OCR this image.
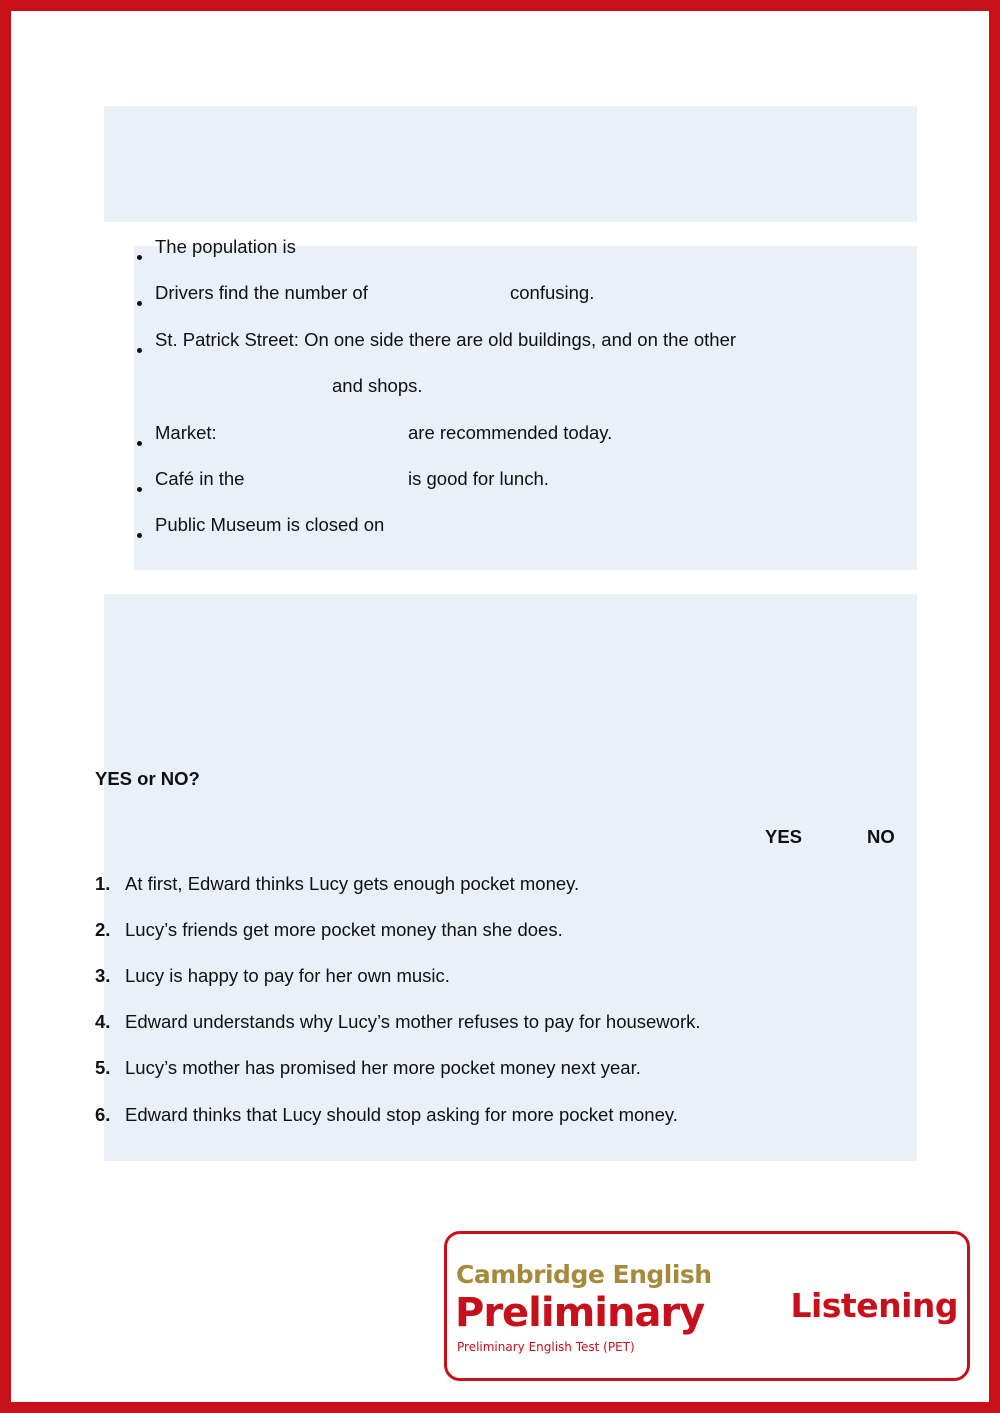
The population is
Drivers find the number of	confusing.
St. Patrick Street: On one side there are old buildings, and on the other
and shops.
Market:	are recommended today.
Café in the	is good for lunch.
Public Museum is closed on
YES or NO?
YES	NO
1. At first, Edward thinks Lucy gets enough pocket money.
2. Lucy’s friends get more pocket money than she does.
3. Lucy is happy to pay for her own music.
4. Edward understands why Lucy’s mother refuses to pay for housework.
5. Lucy’s mother has promised her more pocket money next year.
6. Edward thinks that Lucy should stop asking for more pocket money.
Cambridge English
Preliminary
Preliminary English Test (PET)
Listening
